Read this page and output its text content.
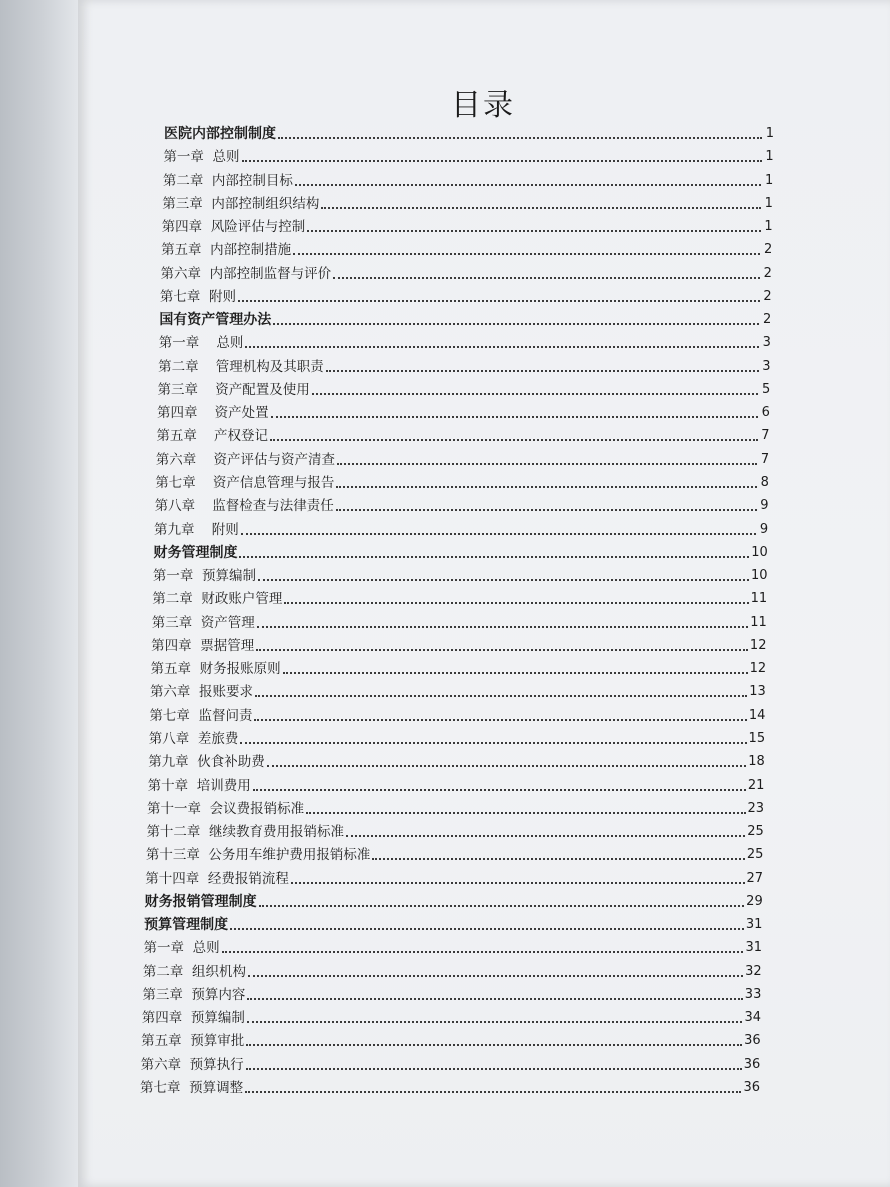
目录
医院内部控制制度	1
第一章  总则	1
第二章  内部控制目标	1
第三章  内部控制组织结构	1
第四章  风险评估与控制	1
第五章  内部控制措施	2
第六章  内部控制监督与评价	2
第七章  附则	2
国有资产管理办法	2
第一章    总则	3
第二章    管理机构及其职责	3
第三章    资产配置及使用	5
第四章    资产处置	6
第五章    产权登记	7
第六章    资产评估与资产清查	7
第七章    资产信息管理与报告	8
第八章    监督检查与法律责任	9
第九章    附则	9
财务管理制度	10
第一章  预算编制	10
第二章  财政账户管理	11
第三章  资产管理	11
第四章  票据管理	12
第五章  财务报账原则	12
第六章  报账要求	13
第七章  监督问责	14
第八章  差旅费	15
第九章  伙食补助费	18
第十章  培训费用	21
第十一章  会议费报销标准	23
第十二章  继续教育费用报销标准	25
第十三章  公务用车维护费用报销标准	25
第十四章  经费报销流程	27
财务报销管理制度	29
预算管理制度	31
第一章  总则	31
第二章  组织机构	32
第三章  预算内容	33
第四章  预算编制	34
第五章  预算审批	36
第六章  预算执行	36
第七章  预算调整	36
